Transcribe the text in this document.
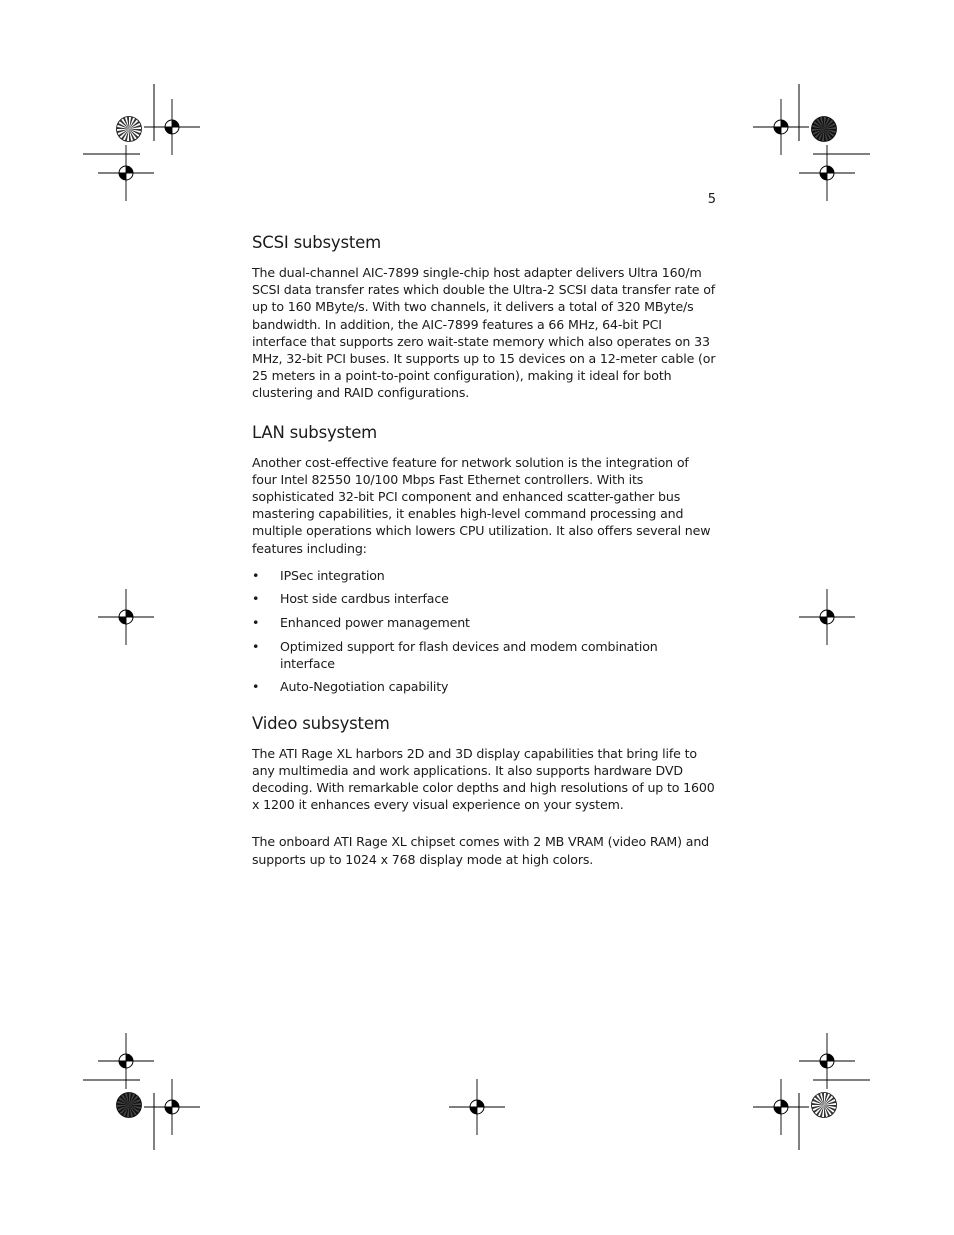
5
SCSI subsystem

The dual-channel AIC-7899 single-chip host adapter delivers Ultra 160/m SCSI data transfer rates which double the Ultra-2 SCSI data transfer rate of up to 160 MByte/s. With two channels, it delivers a total of 320 MByte/s bandwidth. In addition, the AIC-7899 features a 66 MHz, 64-bit PCI interface that supports zero wait-state memory which also operates on 33 MHz, 32-bit PCI buses. It supports up to 15 devices on a 12-meter cable (or 25 meters in a point-to-point configuration), making it ideal for both clustering and RAID configurations.

LAN subsystem

Another cost-effective feature for network solution is the integration of four Intel 82550 10/100 Mbps Fast Ethernet controllers. With its sophisticated 32-bit PCI component and enhanced scatter-gather bus mastering capabilities, it enables high-level command processing and multiple operations which lowers CPU utilization. It also offers several new features including:

• IPSec integration
• Host side cardbus interface
• Enhanced power management
• Optimized support for flash devices and modem combination interface
• Auto-Negotiation capability
Video subsystem

The ATI Rage XL harbors 2D and 3D display capabilities that bring life to any multimedia and work applications. It also supports hardware DVD decoding. With remarkable color depths and high resolutions of up to 1600 x 1200 it enhances every visual experience on your system.

The onboard ATI Rage XL chipset comes with 2 MB VRAM (video RAM) and supports up to 1024 x 768 display mode at high colors.
